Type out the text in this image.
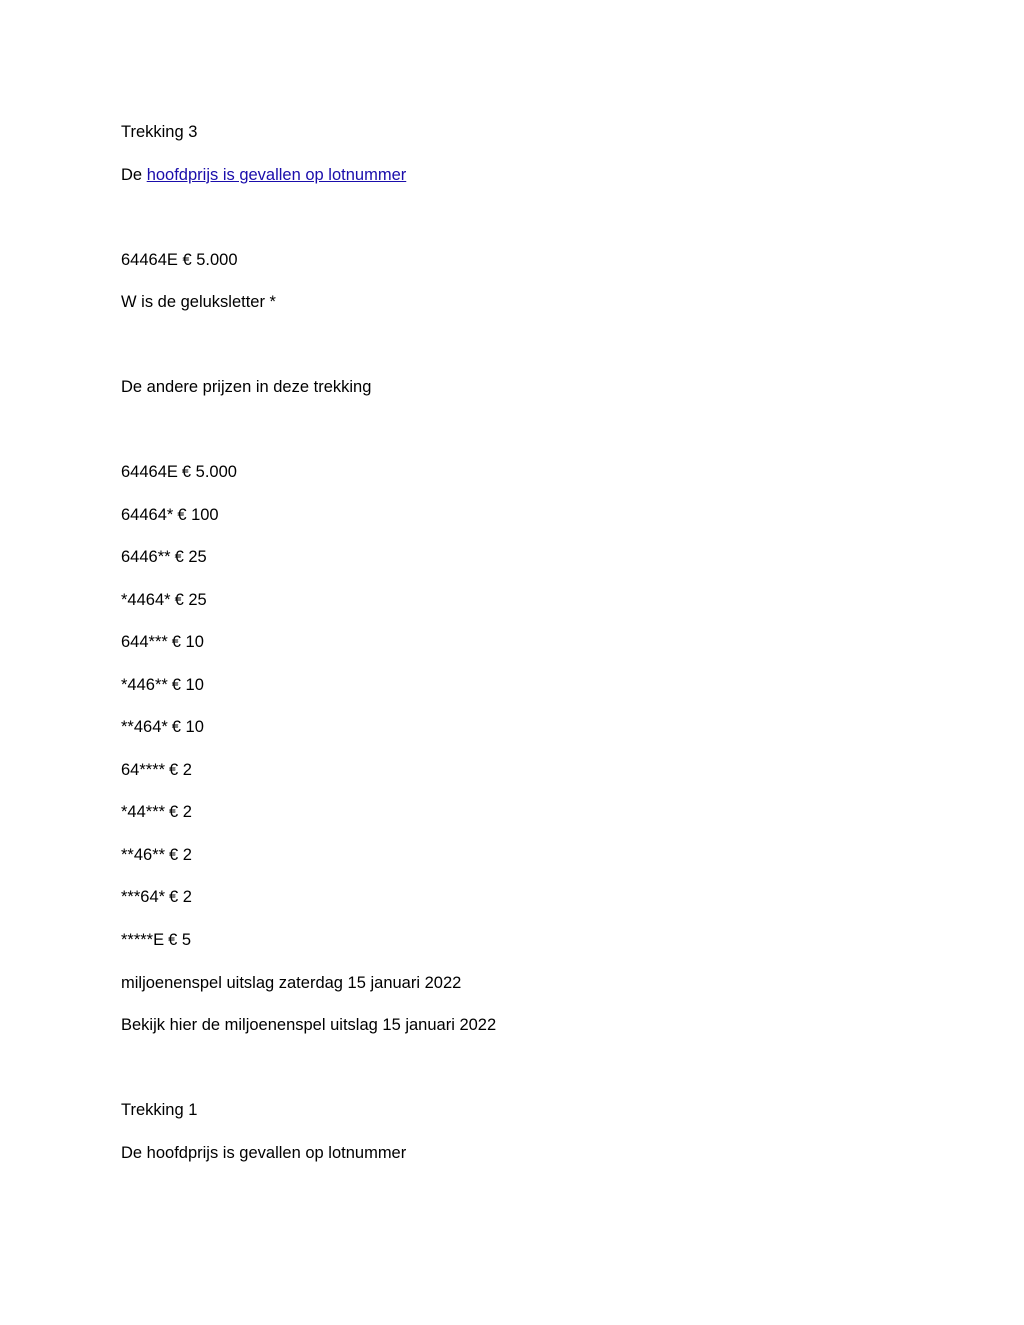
Trekking 3

De hoofdprijs is gevallen op lotnummer

64464E € 5.000

W is de geluksletter *

De andere prijzen in deze trekking

64464E € 5.000

64464* € 100

6446** € 25

*4464* € 25

644*** € 10

*446** € 10

**464* € 10

64**** € 2

*44*** € 2

**46** € 2

***64* € 2

*****E € 5

miljoenenspel uitslag zaterdag 15 januari 2022

Bekijk hier de miljoenenspel uitslag 15 januari 2022

Trekking 1

De hoofdprijs is gevallen op lotnummer
